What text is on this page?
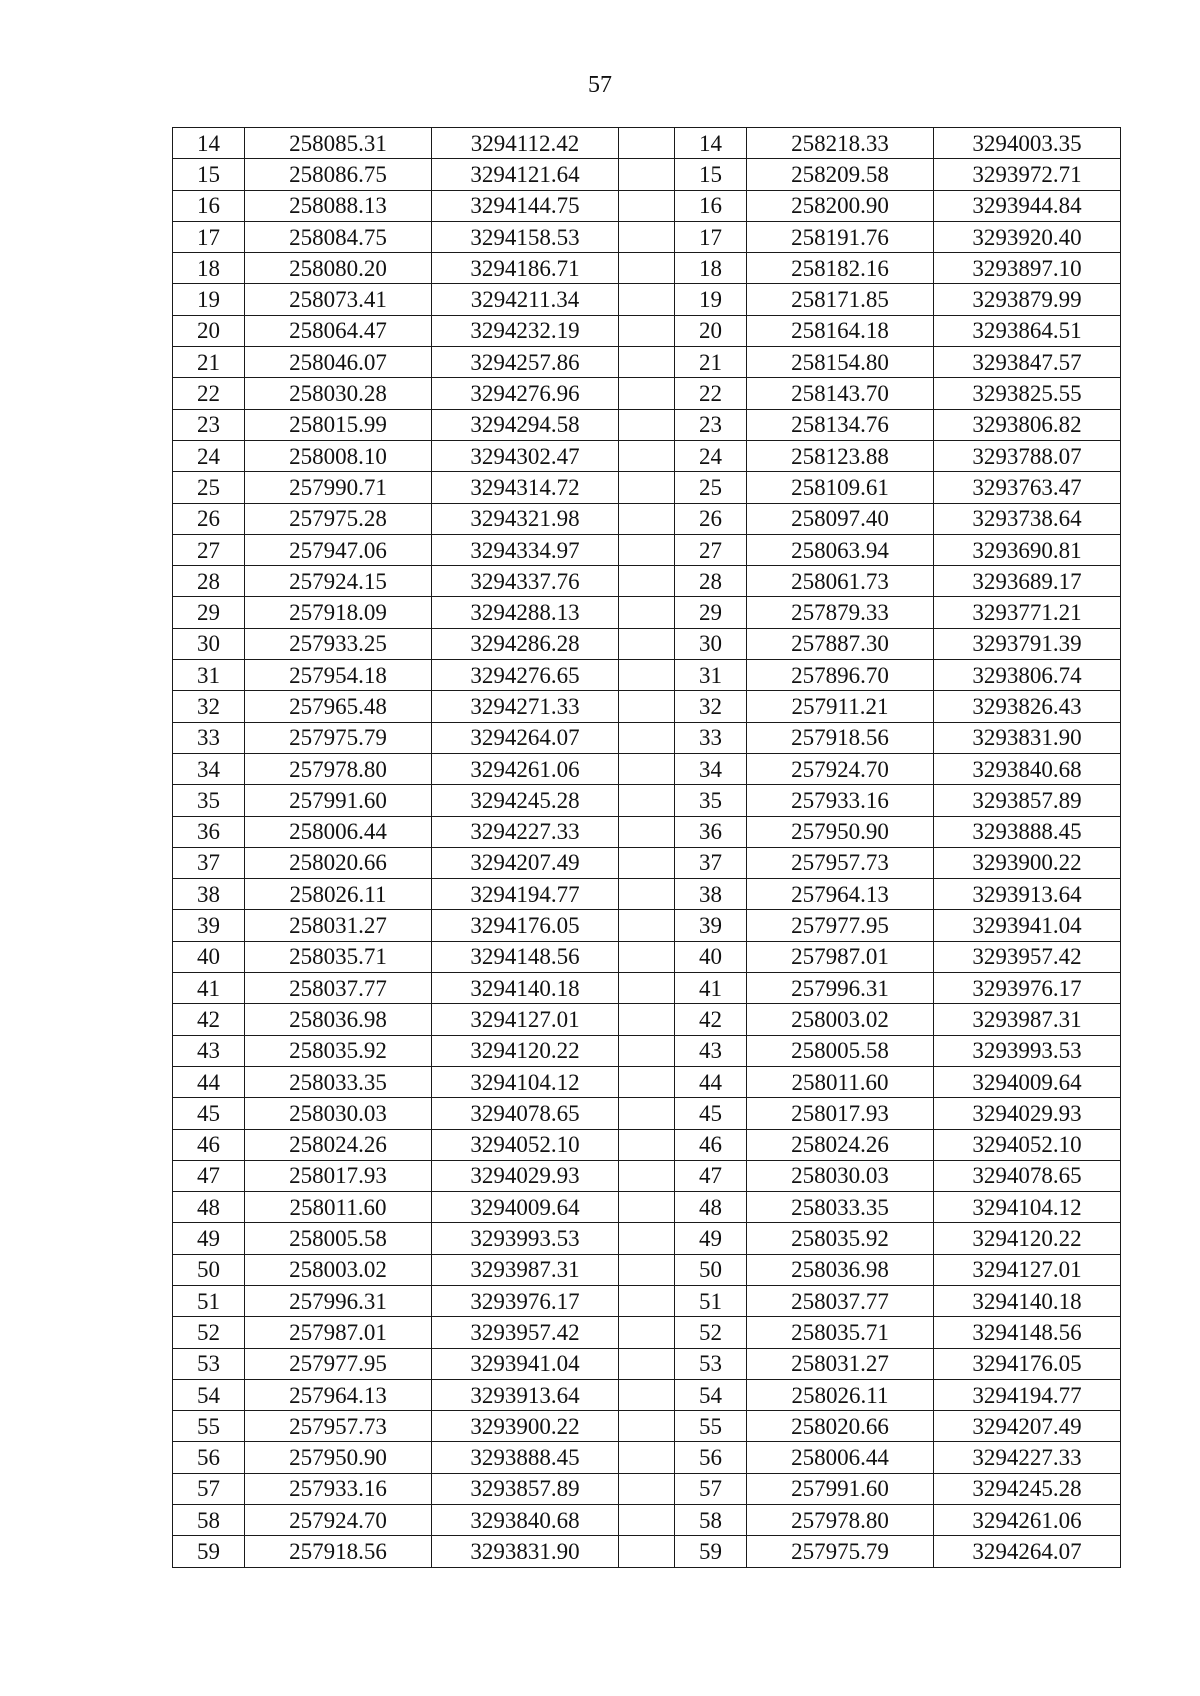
57
14	258085.31	3294112.42		14	258218.33	3294003.35
15	258086.75	3294121.64		15	258209.58	3293972.71
16	258088.13	3294144.75		16	258200.90	3293944.84
17	258084.75	3294158.53		17	258191.76	3293920.40
18	258080.20	3294186.71		18	258182.16	3293897.10
19	258073.41	3294211.34		19	258171.85	3293879.99
20	258064.47	3294232.19		20	258164.18	3293864.51
21	258046.07	3294257.86		21	258154.80	3293847.57
22	258030.28	3294276.96		22	258143.70	3293825.55
23	258015.99	3294294.58		23	258134.76	3293806.82
24	258008.10	3294302.47		24	258123.88	3293788.07
25	257990.71	3294314.72		25	258109.61	3293763.47
26	257975.28	3294321.98		26	258097.40	3293738.64
27	257947.06	3294334.97		27	258063.94	3293690.81
28	257924.15	3294337.76		28	258061.73	3293689.17
29	257918.09	3294288.13		29	257879.33	3293771.21
30	257933.25	3294286.28		30	257887.30	3293791.39
31	257954.18	3294276.65		31	257896.70	3293806.74
32	257965.48	3294271.33		32	257911.21	3293826.43
33	257975.79	3294264.07		33	257918.56	3293831.90
34	257978.80	3294261.06		34	257924.70	3293840.68
35	257991.60	3294245.28		35	257933.16	3293857.89
36	258006.44	3294227.33		36	257950.90	3293888.45
37	258020.66	3294207.49		37	257957.73	3293900.22
38	258026.11	3294194.77		38	257964.13	3293913.64
39	258031.27	3294176.05		39	257977.95	3293941.04
40	258035.71	3294148.56		40	257987.01	3293957.42
41	258037.77	3294140.18		41	257996.31	3293976.17
42	258036.98	3294127.01		42	258003.02	3293987.31
43	258035.92	3294120.22		43	258005.58	3293993.53
44	258033.35	3294104.12		44	258011.60	3294009.64
45	258030.03	3294078.65		45	258017.93	3294029.93
46	258024.26	3294052.10		46	258024.26	3294052.10
47	258017.93	3294029.93		47	258030.03	3294078.65
48	258011.60	3294009.64		48	258033.35	3294104.12
49	258005.58	3293993.53		49	258035.92	3294120.22
50	258003.02	3293987.31		50	258036.98	3294127.01
51	257996.31	3293976.17		51	258037.77	3294140.18
52	257987.01	3293957.42		52	258035.71	3294148.56
53	257977.95	3293941.04		53	258031.27	3294176.05
54	257964.13	3293913.64		54	258026.11	3294194.77
55	257957.73	3293900.22		55	258020.66	3294207.49
56	257950.90	3293888.45		56	258006.44	3294227.33
57	257933.16	3293857.89		57	257991.60	3294245.28
58	257924.70	3293840.68		58	257978.80	3294261.06
59	257918.56	3293831.90		59	257975.79	3294264.07
